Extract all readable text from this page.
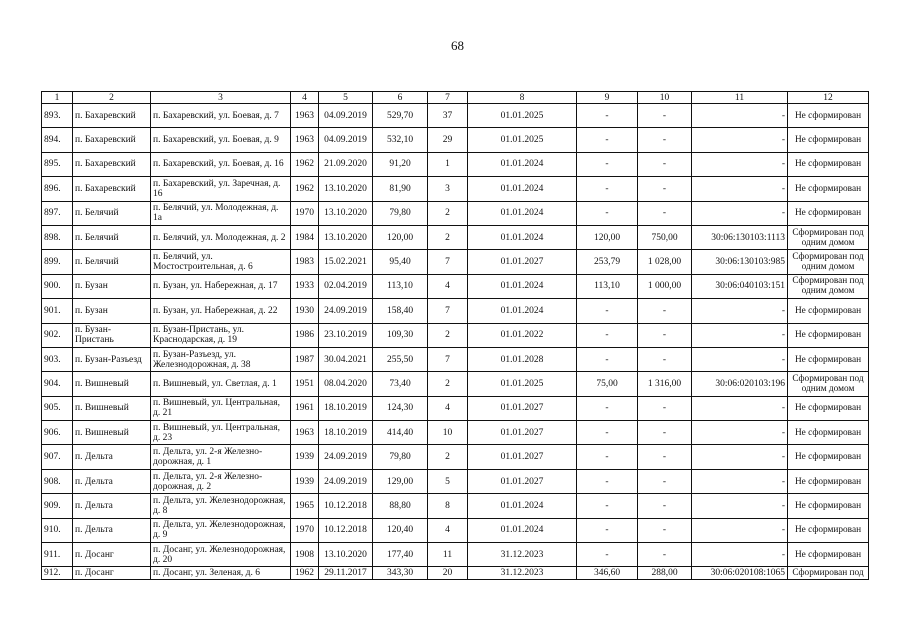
68
1	2	3	4	5	6	7	8	9	10	11	12
893.	п. Бахаревский	п. Бахаревский, ул. Боевая, д. 7	1963	04.09.2019	529,70	37	01.01.2025	-	-	-	Не сформирован
894.	п. Бахаревский	п. Бахаревский, ул. Боевая, д. 9	1963	04.09.2019	532,10	29	01.01.2025	-	-	-	Не сформирован
895.	п. Бахаревский	п. Бахаревский, ул. Боевая, д. 16	1962	21.09.2020	91,20	1	01.01.2024	-	-	-	Не сформирован
896.	п. Бахаревский	п. Бахаревский, ул. Заречная, д. 16	1962	13.10.2020	81,90	3	01.01.2024	-	-	-	Не сформирован
897.	п. Белячий	п. Белячий, ул. Молодежная, д. 1а	1970	13.10.2020	79,80	2	01.01.2024	-	-	-	Не сформирован
898.	п. Белячий	п. Белячий, ул. Молодежная, д. 2	1984	13.10.2020	120,00	2	01.01.2024	120,00	750,00	30:06:130103:1113	Сформирован под одним домом
899.	п. Белячий	п. Белячий, ул. Мостостроительная, д. 6	1983	15.02.2021	95,40	7	01.01.2027	253,79	1 028,00	30:06:130103:985	Сформирован под одним домом
900.	п. Бузан	п. Бузан, ул. Набережная, д. 17	1933	02.04.2019	113,10	4	01.01.2024	113,10	1 000,00	30:06:040103:151	Сформирован под одним домом
901.	п. Бузан	п. Бузан, ул. Набережная, д. 22	1930	24.09.2019	158,40	7	01.01.2024	-	-	-	Не сформирован
902.	п. Бузан-Пристань	п. Бузан-Пристань, ул. Краснодарская, д. 19	1986	23.10.2019	109,30	2	01.01.2022	-	-	-	Не сформирован
903.	п. Бузан-Разъезд	п. Бузан-Разъезд, ул. Железнодорожная, д. 38	1987	30.04.2021	255,50	7	01.01.2028	-	-	-	Не сформирован
904.	п. Вишневый	п. Вишневый, ул. Светлая, д. 1	1951	08.04.2020	73,40	2	01.01.2025	75,00	1 316,00	30:06:020103:196	Сформирован под одним домом
905.	п. Вишневый	п. Вишневый, ул. Центральная, д. 21	1961	18.10.2019	124,30	4	01.01.2027	-	-	-	Не сформирован
906.	п. Вишневый	п. Вишневый, ул. Центральная, д. 23	1963	18.10.2019	414,40	10	01.01.2027	-	-	-	Не сформирован
907.	п. Дельта	п. Дельта, ул. 2-я Железно-дорожная, д. 1	1939	24.09.2019	79,80	2	01.01.2027	-	-	-	Не сформирован
908.	п. Дельта	п. Дельта, ул. 2-я Железно-дорожная, д. 2	1939	24.09.2019	129,00	5	01.01.2027	-	-	-	Не сформирован
909.	п. Дельта	п. Дельта, ул. Железнодорожная, д. 8	1965	10.12.2018	88,80	8	01.01.2024	-	-	-	Не сформирован
910.	п. Дельта	п. Дельта, ул. Железнодорожная, д. 9	1970	10.12.2018	120,40	4	01.01.2024	-	-	-	Не сформирован
911.	п. Досанг	п. Досанг, ул. Железнодорожная, д. 20	1908	13.10.2020	177,40	11	31.12.2023	-	-	-	Не сформирован
912.	п. Досанг	п. Досанг, ул. Зеленая, д. 6	1962	29.11.2017	343,30	20	31.12.2023	346,60	288,00	30:06:020108:1065	Сформирован под
